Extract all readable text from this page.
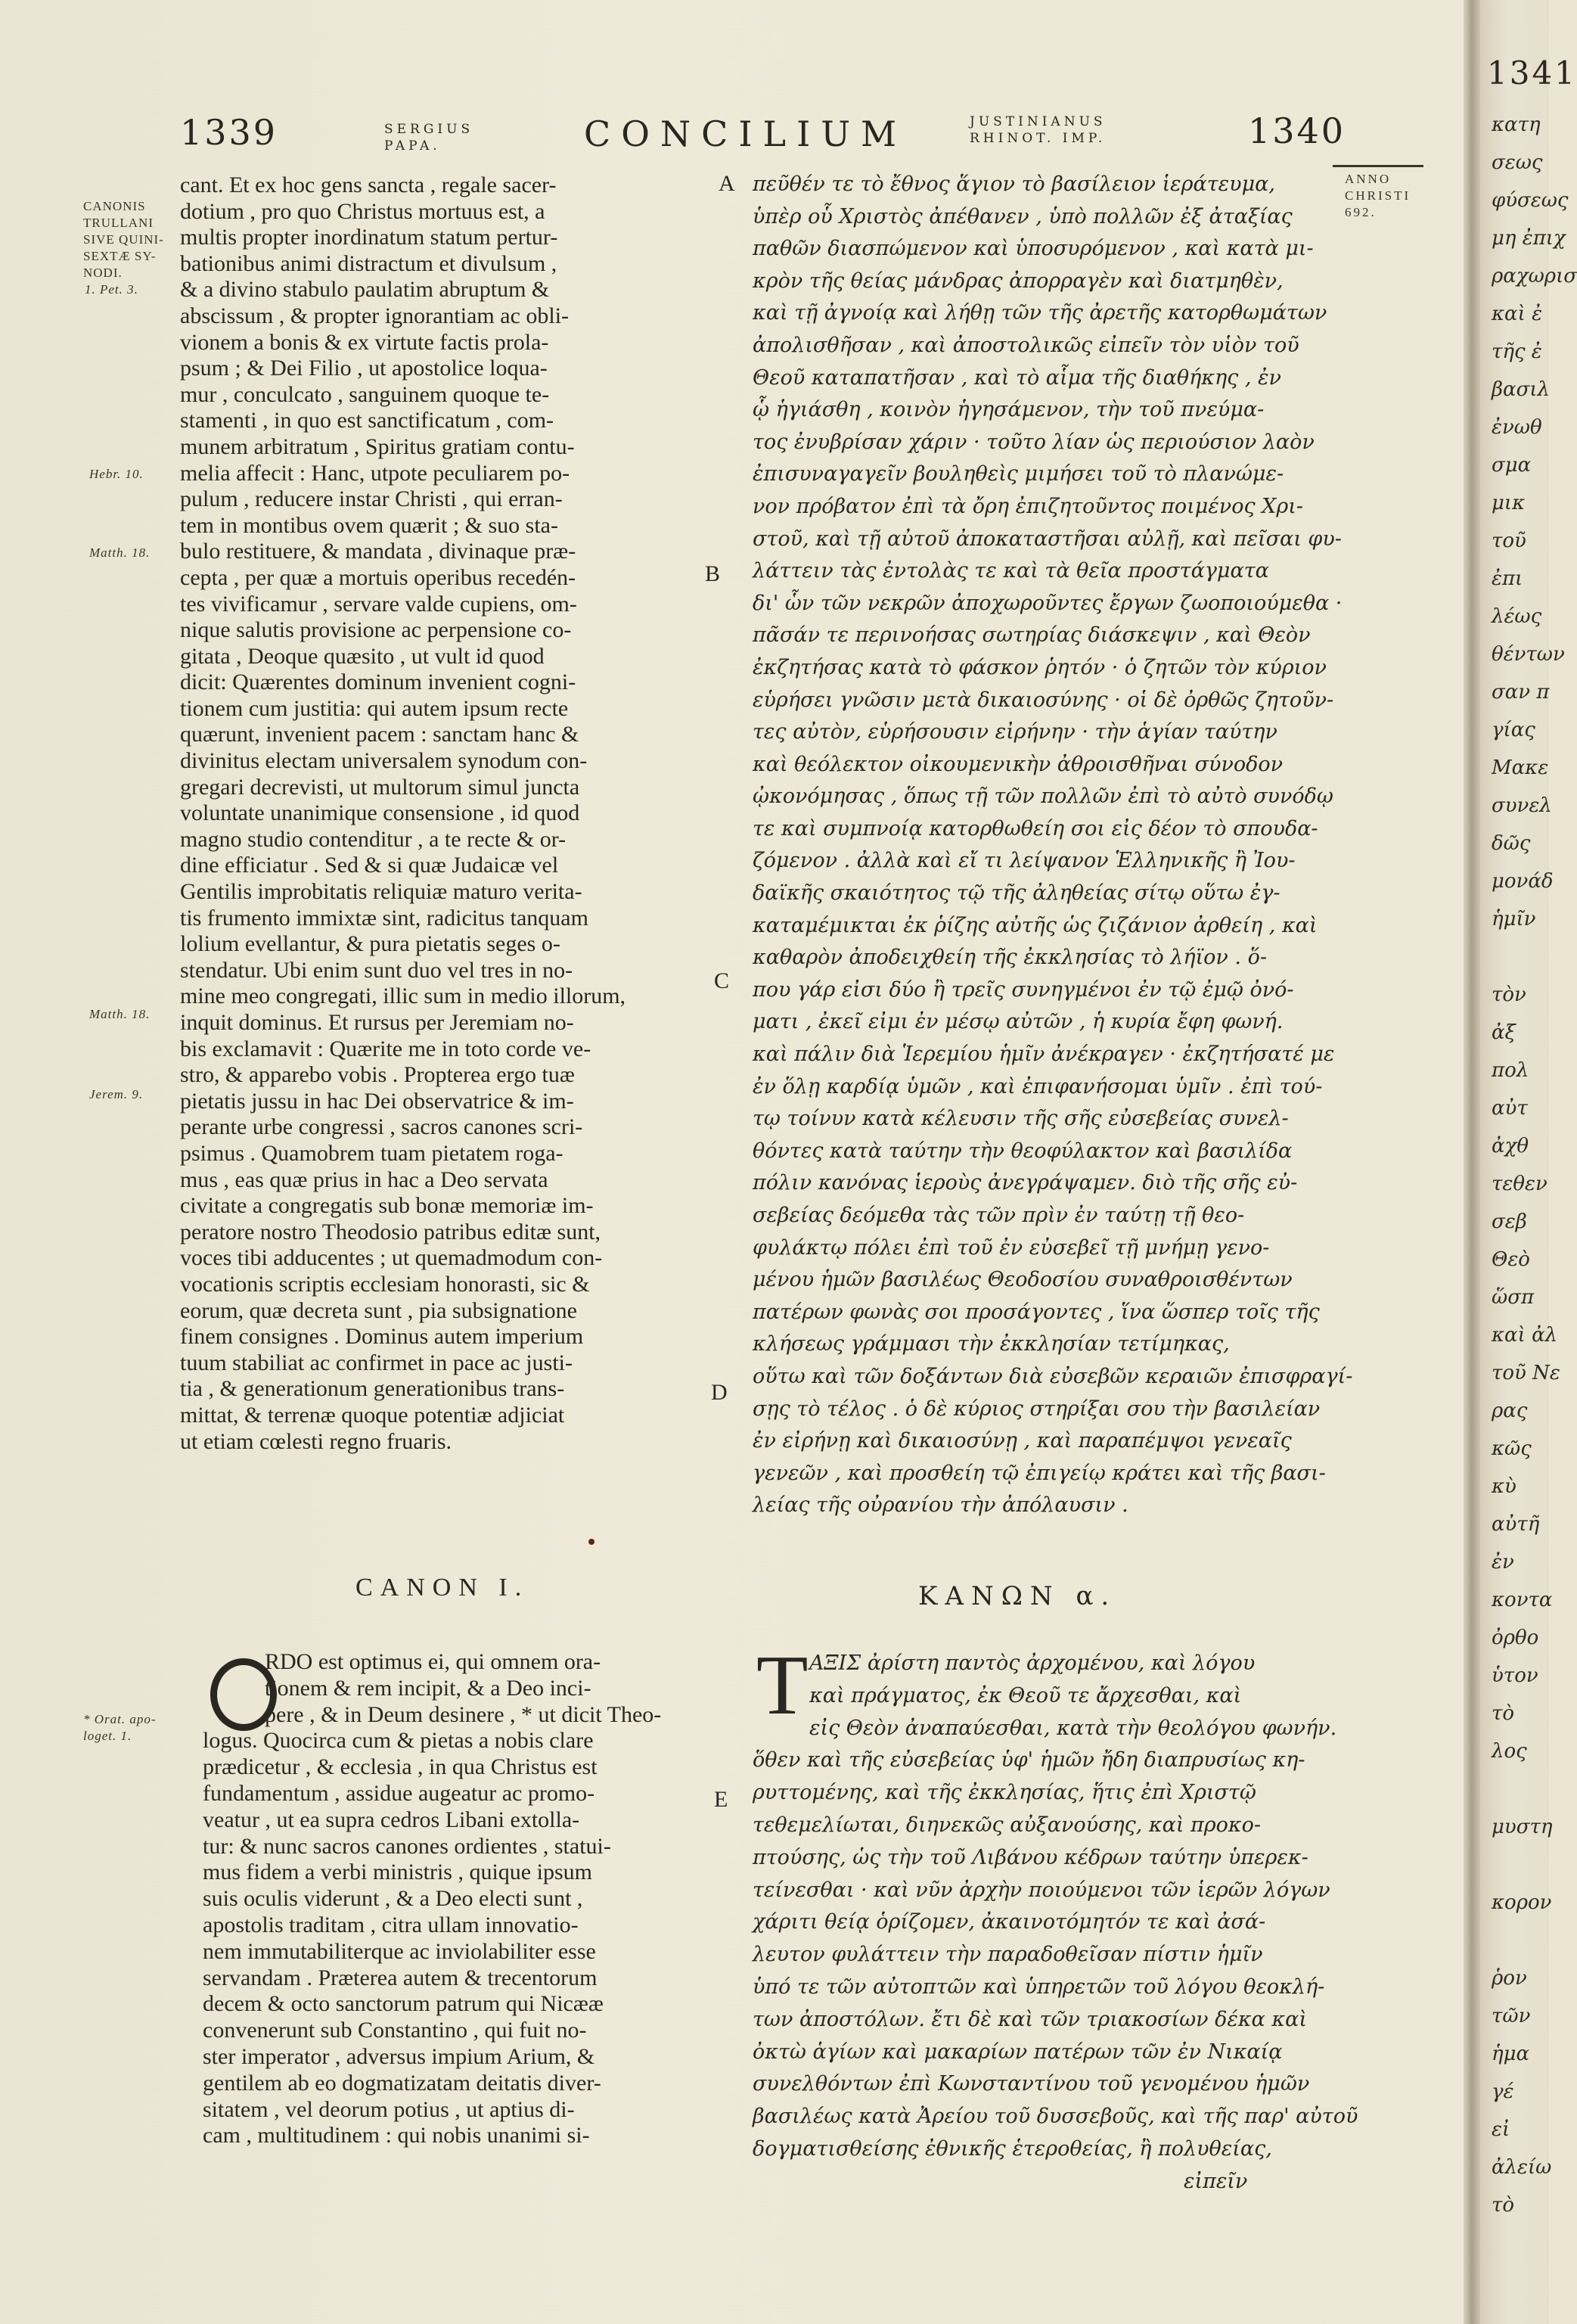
1339	SERGIUS
PAPA.	CONCILIUM	JUSTINIANUS
RHINOT. IMP.	1340
1341
CANONIS
TRULLANI
SIVE QUINI-
SEXTÆ SY-
NODI.
1. Pet. 3.
Hebr. 10.
Matth. 18.
Matth. 18.
Jerem. 9.
* Orat. apo-
loget. 1.
ANNO
CHRISTI
692.
A
B
C
D
E
cant. Et ex hoc gens sancta , regale sacer-
dotium , pro quo Christus mortuus est, a
multis propter inordinatum statum pertur-
bationibus animi distractum et divulsum ,
& a divino stabulo paulatim abruptum &
abscissum , & propter ignorantiam ac obli-
vionem a bonis & ex virtute factis prola-
psum ; & Dei Filio , ut apostolice loqua-
mur , conculcato , sanguinem quoque te-
stamenti , in quo est sanctificatum , com-
munem arbitratum , Spiritus gratiam contu-
melia affecit : Hanc, utpote peculiarem po-
pulum , reducere instar Christi , qui erran-
tem in montibus ovem quærit ; & suo sta-
bulo restituere, & mandata , divinaque præ-
cepta , per quæ a mortuis operibus recedén-
tes vivificamur , servare valde cupiens, om-
nique salutis provisione ac perpensione co-
gitata , Deoque quæsito , ut vult id quod
dicit: Quærentes dominum invenient cogni-
tionem cum justitia: qui autem ipsum recte
quærunt, invenient pacem : sanctam hanc &
divinitus electam universalem synodum con-
gregari decrevisti, ut multorum simul juncta
voluntate unanimique consensione , id quod
magno studio contenditur , a te recte & or-
dine efficiatur . Sed & si quæ Judaicæ vel
Gentilis improbitatis reliquiæ maturo verita-
tis frumento immixtæ sint, radicitus tanquam
lolium evellantur, & pura pietatis seges o-
stendatur. Ubi enim sunt duo vel tres in no-
mine meo congregati, illic sum in medio illorum,
inquit dominus. Et rursus per Jeremiam no-
bis exclamavit : Quærite me in toto corde ve-
stro, & apparebo vobis . Propterea ergo tuæ
pietatis jussu in hac Dei observatrice & im-
perante urbe congressi , sacros canones scri-
psimus . Quamobrem tuam pietatem roga-
mus , eas quæ prius in hac a Deo servata
civitate a congregatis sub bonæ memoriæ im-
peratore nostro Theodosio patribus editæ sunt,
voces tibi adducentes ; ut quemadmodum con-
vocationis scriptis ecclesiam honorasti, sic &
eorum, quæ decreta sunt , pia subsignatione
finem consignes . Dominus autem imperium
tuum stabiliat ac confirmet in pace ac justi-
tia , & generationum generationibus trans-
mittat, & terrenæ quoque potentiæ adjiciat
ut etiam cœlesti regno fruaris.
πεῦθέν τε τὸ ἔθνος ἅγιον τὸ βασίλειον ἱεράτευμα,
ὑπὲρ οὗ Χριστὸς ἀπέθανεν , ὑπὸ πολλῶν ἐξ ἀταξίας
παθῶν διασπώμενον καὶ ὑποσυρόμενον , καὶ κατὰ μι-
κρὸν τῆς θείας μάνδρας ἀπορραγὲν καὶ διατμηθὲν,
καὶ τῇ ἀγνοίᾳ καὶ λήθῃ τῶν τῆς ἀρετῆς κατορθωμάτων
ἀπολισθῆσαν , καὶ ἀποστολικῶς εἰπεῖν τὸν υἱὸν τοῦ
Θεοῦ καταπατῆσαν , καὶ τὸ αἷμα τῆς διαθήκης , ἐν
ᾧ ἡγιάσθη , κοινὸν ἡγησάμενον, τὴν τοῦ πνεύμα-
τος ἐνυβρίσαν χάριν · τοῦτο λίαν ὡς περιούσιον λαὸν
ἐπισυναγαγεῖν βουληθεὶς μιμήσει τοῦ τὸ πλανώμε-
νον πρόβατον ἐπὶ τὰ ὄρη ἐπιζητοῦντος ποιμένος Χρι-
στοῦ, καὶ τῇ αὐτοῦ ἀποκαταστῆσαι αὐλῇ, καὶ πεῖσαι φυ-
λάττειν τὰς ἐντολὰς τε καὶ τὰ θεῖα προστάγματα
δι' ὧν τῶν νεκρῶν ἀποχωροῦντες ἔργων ζωοποιούμεθα ·
πᾶσάν τε περινοήσας σωτηρίας διάσκεψιν , καὶ Θεὸν
ἐκζητήσας κατὰ τὸ φάσκον ῥητόν · ὁ ζητῶν τὸν κύριον
εὑρήσει γνῶσιν μετὰ δικαιοσύνης · οἱ δὲ ὀρθῶς ζητοῦν-
τες αὐτὸν, εὑρήσουσιν εἰρήνην · τὴν ἁγίαν ταύτην
καὶ θεόλεκτον οἰκουμενικὴν ἀθροισθῆναι σύνοδον
ᾠκονόμησας , ὅπως τῇ τῶν πολλῶν ἐπὶ τὸ αὐτὸ συνόδῳ
τε καὶ συμπνοίᾳ κατορθωθείη σοι εἰς δέον τὸ σπουδα-
ζόμενον . ἀλλὰ καὶ εἴ τι λείψανον Ἑλληνικῆς ἢ Ἰου-
δαϊκῆς σκαιότητος τῷ τῆς ἀληθείας σίτῳ οὕτω ἐγ-
καταμέμικται ἐκ ῥίζης αὐτῆς ὡς ζιζάνιον ἀρθείη , καὶ
καθαρὸν ἀποδειχθείη τῆς ἐκκλησίας τὸ λήϊον . ὅ-
που γάρ εἰσι δύο ἢ τρεῖς συνηγμένοι ἐν τῷ ἐμῷ ὀνό-
ματι , ἐκεῖ εἰμι ἐν μέσῳ αὐτῶν , ἡ κυρία ἔφη φωνή.
καὶ πάλιν διὰ Ἱερεμίου ἡμῖν ἀνέκραγεν · ἐκζητήσατέ με
ἐν ὅλῃ καρδίᾳ ὑμῶν , καὶ ἐπιφανήσομαι ὑμῖν . ἐπὶ τού-
τῳ τοίνυν κατὰ κέλευσιν τῆς σῆς εὐσεβείας συνελ-
θόντες κατὰ ταύτην τὴν θεοφύλακτον καὶ βασιλίδα
πόλιν κανόνας ἱεροὺς ἀνεγράψαμεν. διὸ τῆς σῆς εὐ-
σεβείας δεόμεθα τὰς τῶν πρὶν ἐν ταύτῃ τῇ θεο-
φυλάκτῳ πόλει ἐπὶ τοῦ ἐν εὐσεβεῖ τῇ μνήμῃ γενο-
μένου ἡμῶν βασιλέως Θεοδοσίου συναθροισθέντων
πατέρων φωνὰς σοι προσάγοντες , ἵνα ὥσπερ τοῖς τῆς
κλήσεως γράμμασι τὴν ἐκκλησίαν τετίμηκας,
οὕτω καὶ τῶν δοξάντων διὰ εὐσεβῶν κεραιῶν ἐπισφραγί-
σῃς τὸ τέλος . ὁ δὲ κύριος στηρίξαι σου τὴν βασιλείαν
ἐν εἰρήνῃ καὶ δικαιοσύνῃ , καὶ παραπέμψοι γενεαῖς
γενεῶν , καὶ προσθείη τῷ ἐπιγείῳ κράτει καὶ τῆς βασι-
λείας τῆς οὐρανίου τὴν ἀπόλαυσιν .
CANON I.	ΚΑΝΩΝ α.
RDO est optimus ei, qui omnem ora-
tionem & rem incipit, & a Deo inci-
pere , & in Deum desinere , * ut dicit Theo-
logus. Quocirca cum & pietas a nobis clare
prædicetur , & ecclesia , in qua Christus est
fundamentum , assidue augeatur ac promo-
veatur , ut ea supra cedros Libani extolla-
tur: & nunc sacros canones ordientes , statui-
mus fidem a verbi ministris , quique ipsum
suis oculis viderunt , & a Deo electi sunt ,
apostolis traditam , citra ullam innovatio-
nem immutabiliterque ac inviolabiliter esse
servandam . Præterea autem & trecentorum
decem & octo sanctorum patrum qui Nicææ
convenerunt sub Constantino , qui fuit no-
ster imperator , adversus impium Arium, &
gentilem ab eo dogmatizatam deitatis diver-
sitatem , vel deorum potius , ut aptius di-
cam , multitudinem : qui nobis unanimi si-
Τ ΑΞΙΣ ἀρίστη παντὸς ἀρχομένου, καὶ λόγου
καὶ πράγματος, ἐκ Θεοῦ τε ἄρχεσθαι, καὶ
εἰς Θεὸν ἀναπαύεσθαι, κατὰ τὴν θεολόγου φωνήν.
ὅθεν καὶ τῆς εὐσεβείας ὑφ' ἡμῶν ἤδη διαπρυσίως κη-
ρυττομένης, καὶ τῆς ἐκκλησίας, ἥτις ἐπὶ Χριστῷ
τεθεμελίωται, διηνεκῶς αὐξανούσης, καὶ προκο-
πτούσης, ὡς τὴν τοῦ Λιβάνου κέδρων ταύτην ὑπερεκ-
τείνεσθαι · καὶ νῦν ἀρχὴν ποιούμενοι τῶν ἱερῶν λόγων
χάριτι θείᾳ ὁρίζομεν, ἀκαινοτόμητόν τε καὶ ἀσά-
λευτον φυλάττειν τὴν παραδοθεῖσαν πίστιν ἡμῖν
ὑπό τε τῶν αὐτοπτῶν καὶ ὑπηρετῶν τοῦ λόγου θεοκλή-
των ἀποστόλων. ἔτι δὲ καὶ τῶν τριακοσίων δέκα καὶ
ὀκτὼ ἁγίων καὶ μακαρίων πατέρων τῶν ἐν Νικαίᾳ
συνελθόντων ἐπὶ Κωνσταντίνου τοῦ γενομένου ἡμῶν
βασιλέως κατὰ Ἀρείου τοῦ δυσσεβοῦς, καὶ τῆς παρ' αὐτοῦ
δογματισθείσης ἐθνικῆς ἑτεροθείας, ἢ πολυθείας,
εἰπεῖν
κατη
σεως
φύσεως
μη ἐπιχ
ραχωρισ
καὶ ἐ
τῆς ἐ
βασιλ
ἐνωθ
σμα
μικ
τοῦ
ἐπι
λέως
θέντων
σαν π
γίας
Μακε
συνελ
δῶς
μονάδ
ἡμῖν
τὸν
ἀξ
πολ
αὐτ
ἀχθ
τεθεν
σεβ
Θεὸ
ὥσπ
καὶ ἀλ
τοῦ Νε
ρας
κῶς
κὺ
αὐτῆ
ἐν
κοντα
ὀρθο
ὑτον
τὸ
λος
μυστη
κορον
ῥον
τῶν
ἡμα
γέ
εἰ
ἀλείω
τὸ
